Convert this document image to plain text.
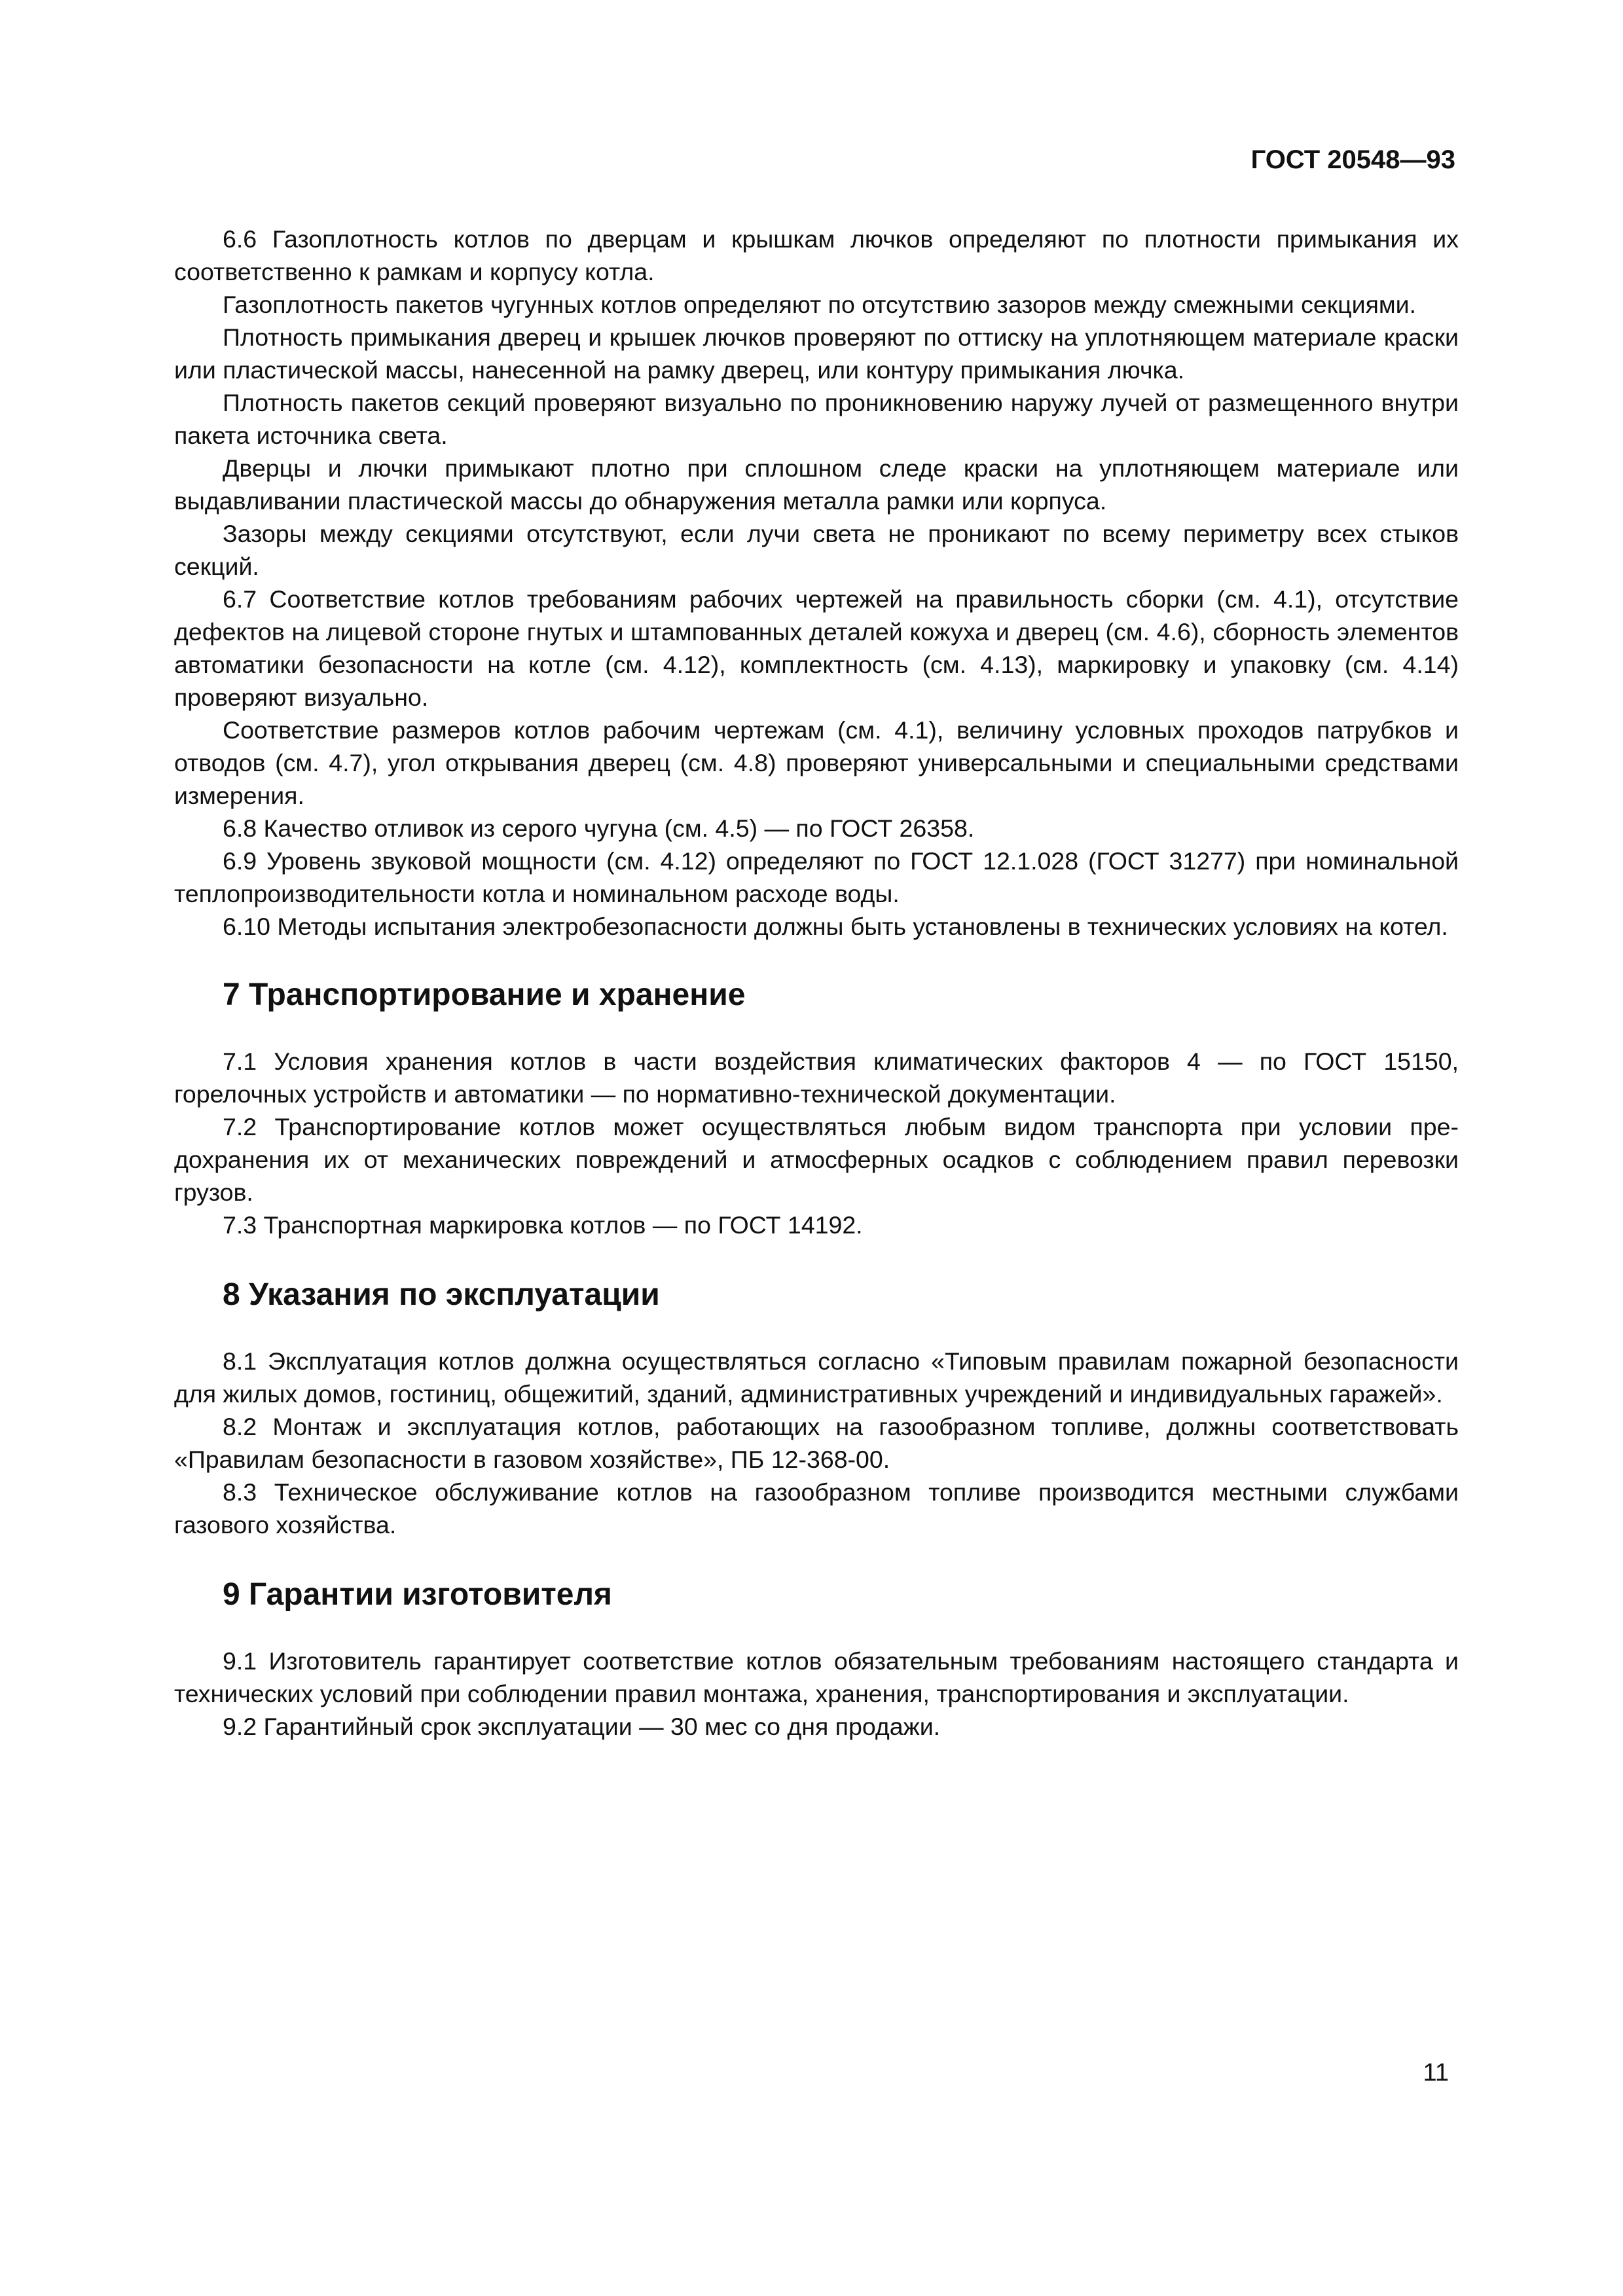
ГОСТ 20548—93

6.6 Газоплотность котлов по дверцам и крышкам лючков определяют по плотности примыкания их соответственно к рамкам и корпусу котла.

Газоплотность пакетов чугунных котлов определяют по отсутствию зазоров между смежными секциями.

Плотность примыкания дверец и крышек лючков проверяют по оттиску на уплотняющем материале краски или пластической массы, нанесенной на рамку дверец, или контуру примыкания лючка.

Плотность пакетов секций проверяют визуально по проникновению наружу лучей от размещенного внутри пакета источника света.

Дверцы и лючки примыкают плотно при сплошном следе краски на уплотняющем материале или выдавливании пластической массы до обнаружения металла рамки или корпуса.

Зазоры между секциями отсутствуют, если лучи света не проникают по всему периметру всех стыков секций.

6.7 Соответствие котлов требованиям рабочих чертежей на правильность сборки (см. 4.1), отсутствие дефектов на лицевой стороне гнутых и штампованных деталей кожуха и дверец (см. 4.6), сборность элементов автоматики безопасности на котле (см. 4.12), комплектность (см. 4.13), маркировку и упаковку (см. 4.14) проверяют визуально.

Соответствие размеров котлов рабочим чертежам (см. 4.1), величину условных проходов патрубков и отводов (см. 4.7), угол открывания дверец (см. 4.8) проверяют универсальными и специальными средствами измерения.

6.8 Качество отливок из серого чугуна (см. 4.5) — по ГОСТ 26358.

6.9 Уровень звуковой мощности (см. 4.12) определяют по ГОСТ 12.1.028 (ГОСТ 31277) при номинальной теплопроизводительности котла и номинальном расходе воды.

6.10 Методы испытания электробезопасности должны быть установлены в технических условиях на котел.

7 Транспортирование и хранение

7.1 Условия хранения котлов в части воздействия климатических факторов 4 — по ГОСТ 15150, горелочных устройств и автоматики — по нормативно-технической документации.

7.2 Транспортирование котлов может осуществляться любым видом транспорта при условии предохранения их от механических повреждений и атмосферных осадков с соблюдением правил перевозки грузов.

7.3 Транспортная маркировка котлов — по ГОСТ 14192.

8 Указания по эксплуатации

8.1 Эксплуатация котлов должна осуществляться согласно «Типовым правилам пожарной безопасности для жилых домов, гостиниц, общежитий, зданий, административных учреждений и индивидуальных гаражей».

8.2 Монтаж и эксплуатация котлов, работающих на газообразном топливе, должны соответствовать «Правилам безопасности в газовом хозяйстве», ПБ 12-368-00.

8.3 Техническое обслуживание котлов на газообразном топливе производится местными службами газового хозяйства.

9 Гарантии изготовителя

9.1 Изготовитель гарантирует соответствие котлов обязательным требованиям настоящего стандарта и технических условий при соблюдении правил монтажа, хранения, транспортирования и эксплуатации.

9.2 Гарантийный срок эксплуатации — 30 мес со дня продажи.

11
